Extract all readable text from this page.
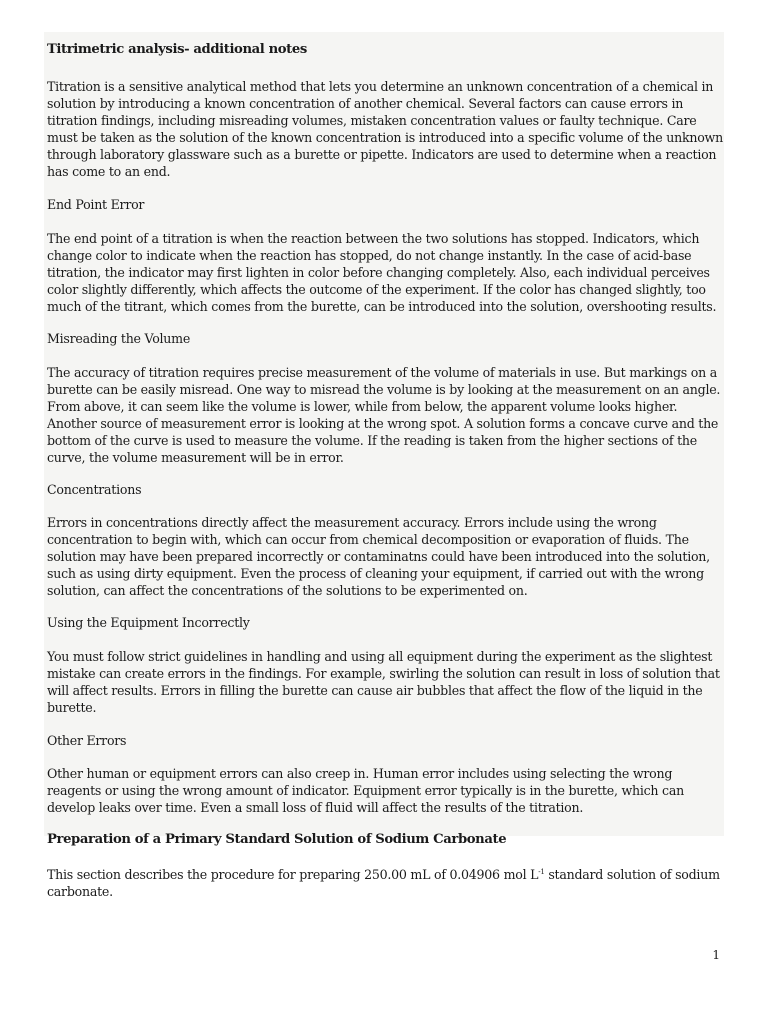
Titrimetric analysis- additional notes

Titration is a sensitive analytical method that lets you determine an unknown concentration of a chemical in solution by introducing a known concentration of another chemical. Several factors can cause errors in titration findings, including misreading volumes, mistaken concentration values or faulty technique. Care must be taken as the solution of the known concentration is introduced into a specific volume of the unknown through laboratory glassware such as a burette or pipette. Indicators are used to determine when a reaction has come to an end.

End Point Error

The end point of a titration is when the reaction between the two solutions has stopped. Indicators, which change color to indicate when the reaction has stopped, do not change instantly. In the case of acid-base titration, the indicator may first lighten in color before changing completely. Also, each individual perceives color slightly differently, which affects the outcome of the experiment. If the color has changed slightly, too much of the titrant, which comes from the burette, can be introduced into the solution, overshooting results.

Misreading the Volume

The accuracy of titration requires precise measurement of the volume of materials in use. But markings on a burette can be easily misread. One way to misread the volume is by looking at the measurement on an angle. From above, it can seem like the volume is lower, while from below, the apparent volume looks higher. Another source of measurement error is looking at the wrong spot. A solution forms a concave curve and the bottom of the curve is used to measure the volume. If the reading is taken from the higher sections of the curve, the volume measurement will be in error.

Concentrations

Errors in concentrations directly affect the measurement accuracy. Errors include using the wrong concentration to begin with, which can occur from chemical decomposition or evaporation of fluids. The solution may have been prepared incorrectly or contaminatns could have been introduced into the solution, such as using dirty equipment. Even the process of cleaning your equipment, if carried out with the wrong solution, can affect the concentrations of the solutions to be experimented on.

Using the Equipment Incorrectly

You must follow strict guidelines in handling and using all equipment during the experiment as the slightest mistake can create errors in the findings. For example, swirling the solution can result in loss of solution that will affect results. Errors in filling the burette can cause air bubbles that affect the flow of the liquid in the burette.

Other Errors

Other human or equipment errors can also creep in. Human error includes using selecting the wrong reagents or using the wrong amount of indicator. Equipment error typically is in the burette, which can develop leaks over time. Even a small loss of fluid will affect the results of the titration.

Preparation of a Primary Standard Solution of Sodium Carbonate

This section describes the procedure for preparing 250.00 mL of 0.04906 mol $L^{-1}$ standard solution of sodium carbonate.

1
